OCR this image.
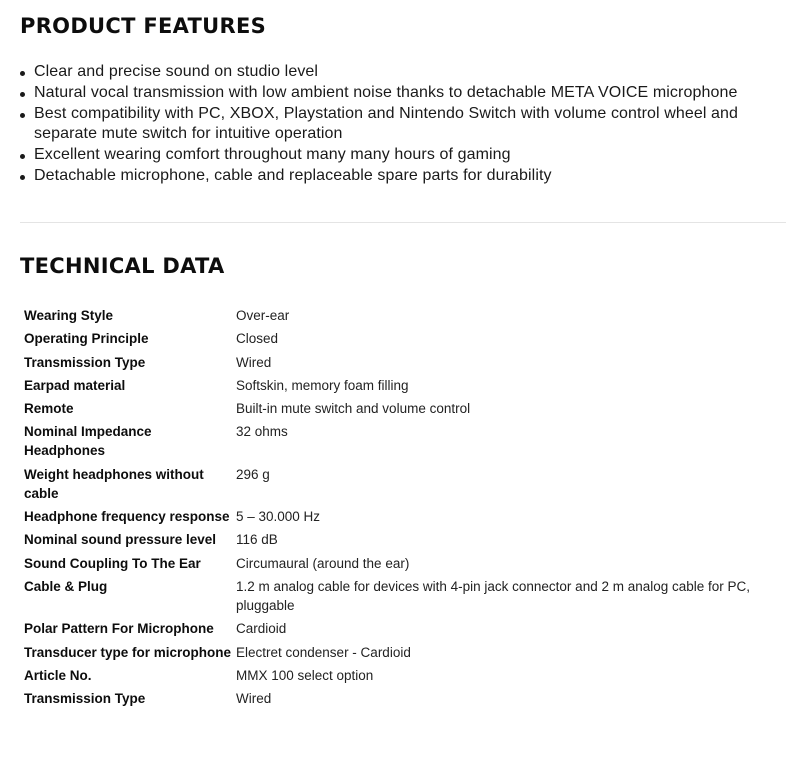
PRODUCT FEATURES
Clear and precise sound on studio level
Natural vocal transmission with low ambient noise thanks to detachable META VOICE microphone
Best compatibility with PC, XBOX, Playstation and Nintendo Switch with volume control wheel and separate mute switch for intuitive operation
Excellent wearing comfort throughout many many hours of gaming
Detachable microphone, cable and replaceable spare parts for durability
TECHNICAL DATA
Wearing Style	Over-ear
Operating Principle	Closed
Transmission Type	Wired
Earpad material	Softskin, memory foam filling
Remote	Built-in mute switch and volume control
Nominal Impedance Headphones	32 ohms
Weight headphones without cable	296 g
Headphone frequency response	5 – 30.000 Hz
Nominal sound pressure level	116 dB
Sound Coupling To The Ear	Circumaural (around the ear)
Cable & Plug	1.2 m analog cable for devices with 4-pin jack connector and 2 m analog cable for PC, pluggable
Polar Pattern For Microphone	Cardioid
Transducer type for microphone	Electret condenser - Cardioid
Article No.	MMX 100 select option
Transmission Type	Wired
